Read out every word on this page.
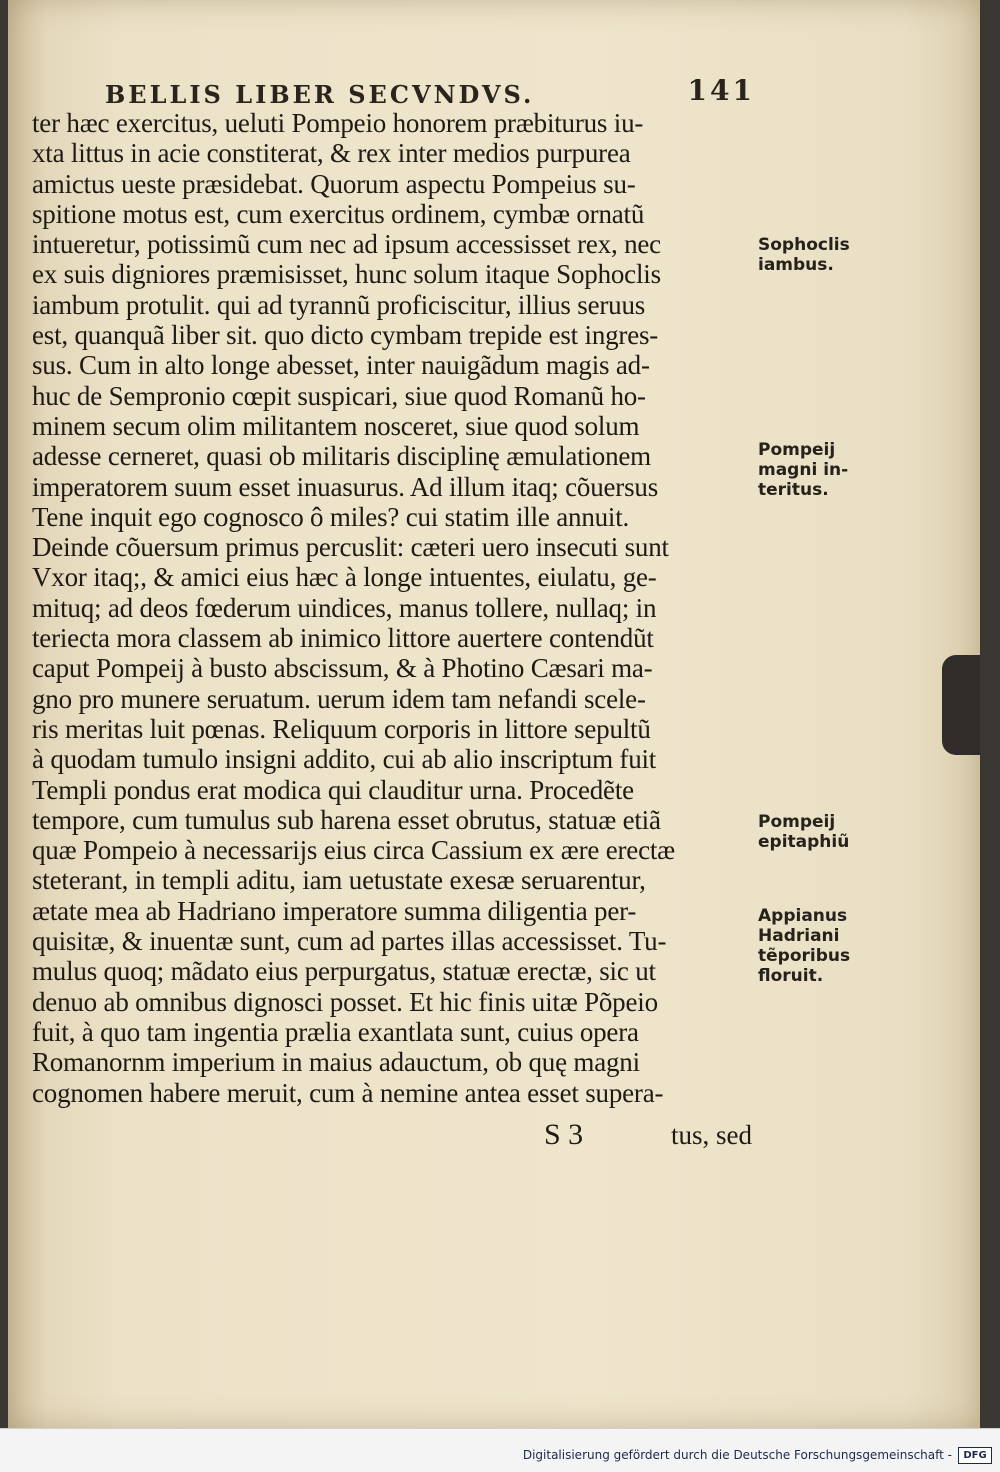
BELLIS LIBER SECVNDVS.	141
ter hæc exercitus, ueluti Pompeio honorem præbiturus iu-
xta littus in acie constiterat, & rex inter medios purpurea
amictus ueste præsidebat. Quorum aspectu Pompeius su-
spitione motus est, cum exercitus ordinem, cymbæ ornatũ
intueretur, potissimũ cum nec ad ipsum accessisset rex, nec
ex suis digniores præmisisset, hunc solum itaque Sophoclis
iambum protulit. qui ad tyrannũ proficiscitur, illius seruus
est, quanquã liber sit. quo dicto cymbam trepide est ingres-
sus. Cum in alto longe abesset, inter nauigãdum magis ad-
huc de Sempronio cœpit suspicari, siue quod Romanũ ho-
minem secum olim militantem nosceret, siue quod solum
adesse cerneret, quasi ob militaris disciplinę æmulationem
imperatorem suum esset inuasurus. Ad illum itaq; cõuersus
Tene inquit ego cognosco ô miles? cui statim ille annuit.
Deinde cõuersum primus percuslit: cæteri uero insecuti sunt
Vxor itaq;, & amici eius hæc à longe intuentes, eiulatu, ge-
mituq; ad deos fœderum uindices, manus tollere, nullaq; in
teriecta mora classem ab inimico littore auertere contendũt
caput Pompeij à busto abscissum, & à Photino Cæsari ma-
gno pro munere seruatum. uerum idem tam nefandi scele-
ris meritas luit pœnas. Reliquum corporis in littore sepultũ
à quodam tumulo insigni addito, cui ab alio inscriptum fuit
Templi pondus erat modica qui clauditur urna. Procedẽte
tempore, cum tumulus sub harena esset obrutus, statuæ etiã
quæ Pompeio à necessarijs eius circa Cassium ex ære erectæ
steterant, in templi aditu, iam uetustate exesæ seruarentur,
ætate mea ab Hadriano imperatore summa diligentia per-
quisitæ, & inuentæ sunt, cum ad partes illas accessisset. Tu-
mulus quoq; mãdato eius perpurgatus, statuæ erectæ, sic ut
denuo ab omnibus dignosci posset. Et hic finis uitæ Põpeio
fuit, à quo tam ingentia prælia exantlata sunt, cuius opera
Romanornm imperium in maius adauctum, ob quę magni
cognomen habere meruit, cum à nemine antea esset supera-
S 3	tus, sed
Sophoclis
iambus.
Pompeij
magni in-
teritus.
Pompeij
epitaphiũ
Appianus
Hadriani
tẽporibus
floruit.
Digitalisierung gefördert durch die Deutsche Forschungsgemeinschaft -	DFG
